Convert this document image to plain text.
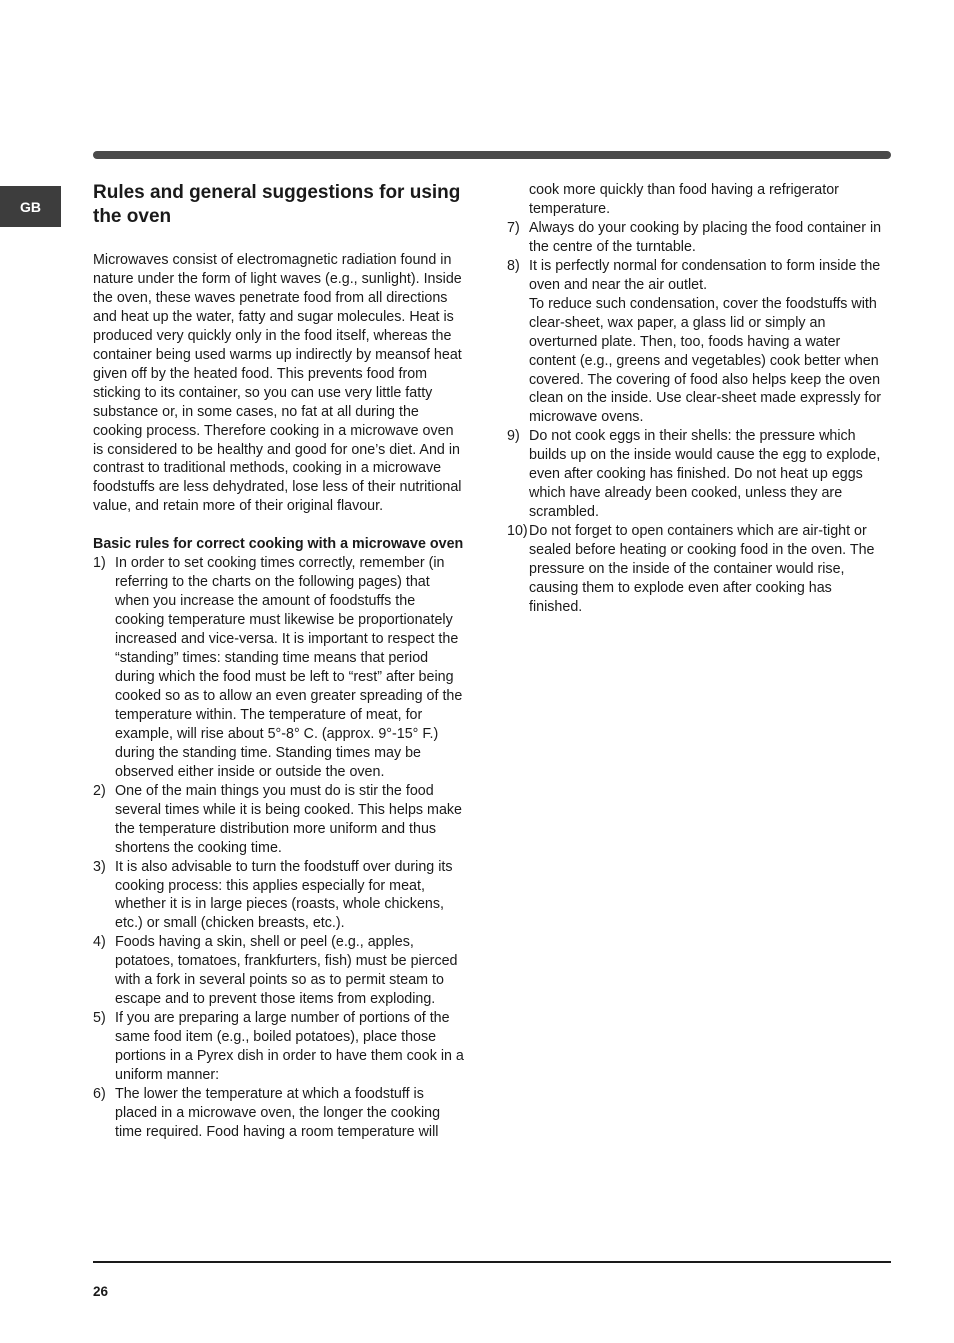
GB
Rules and general suggestions for using the oven

Microwaves consist of electromagnetic radiation found in nature under the form of light waves (e.g., sunlight). Inside the oven, these waves penetrate food from all directions and heat up the water, fatty and sugar molecules. Heat is produced very quickly only in the food itself, whereas the container being used warms up indirectly by meansof heat given off by the heated food. This prevents food from sticking to its container, so you can use very little fatty substance or, in some cases, no fat at all during the cooking process. Therefore cooking in a microwave oven is considered to be healthy and good for one’s diet. And in contrast to traditional methods, cooking in a microwave foodstuffs are less dehydrated, lose less of their nutritional value, and retain more of their original flavour.

Basic rules for correct cooking with a microwave oven
1) In order to set cooking times correctly, remember (in referring to the charts on the following pages) that when you increase the amount of foodstuffs the cooking temperature must likewise be proportionately increased and vice-versa. It is important to respect the “standing” times: standing time means that period during which the food must be left to “rest” after being cooked so as to allow an even greater spreading of the temperature within. The temperature of meat, for example, will rise about 5°-8° C. (approx. 9°-15° F.) during the standing time. Standing times may be observed either inside or outside the oven.
2) One of the main things you must do is stir the food several times while it is being cooked. This helps make the temperature distribution more uniform and thus shortens the cooking time.
3) It is also advisable to turn the foodstuff over during its cooking process: this applies especially for meat, whether it is in large pieces (roasts, whole chickens, etc.) or small (chicken breasts, etc.).
4) Foods having a skin, shell or peel (e.g., apples, potatoes, tomatoes, frankfurters, fish) must be pierced with a fork in several points so as to permit steam to escape and to prevent those items from exploding.
5) If you are preparing a large number of portions of the same food item (e.g., boiled potatoes), place those portions in a Pyrex dish in order to have them cook in a uniform manner:
6) The lower the temperature at which a foodstuff is placed in a microwave oven, the longer the cooking time required. Food having a room temperature will
cook more quickly than food having a refrigerator temperature.
7) Always do your cooking by placing the food container in the centre of the turntable.
8) It is perfectly normal for condensation to form inside the oven and near the air outlet.
To reduce such condensation, cover the foodstuffs with clear-sheet, wax paper, a glass lid or simply an overturned plate. Then, too, foods having a water content (e.g., greens and vegetables) cook better when covered. The covering of food also helps keep the oven clean on the inside. Use clear-sheet made expressly for microwave ovens.
9) Do not cook eggs in their shells: the pressure which builds up on the inside would cause the egg to explode, even after cooking has finished. Do not heat up eggs which have already been cooked, unless they are scrambled.
10) Do not forget to open containers which are air-tight or sealed before heating or cooking food in the oven. The pressure on the inside of the container would rise, causing them to explode even after cooking has finished.
26
